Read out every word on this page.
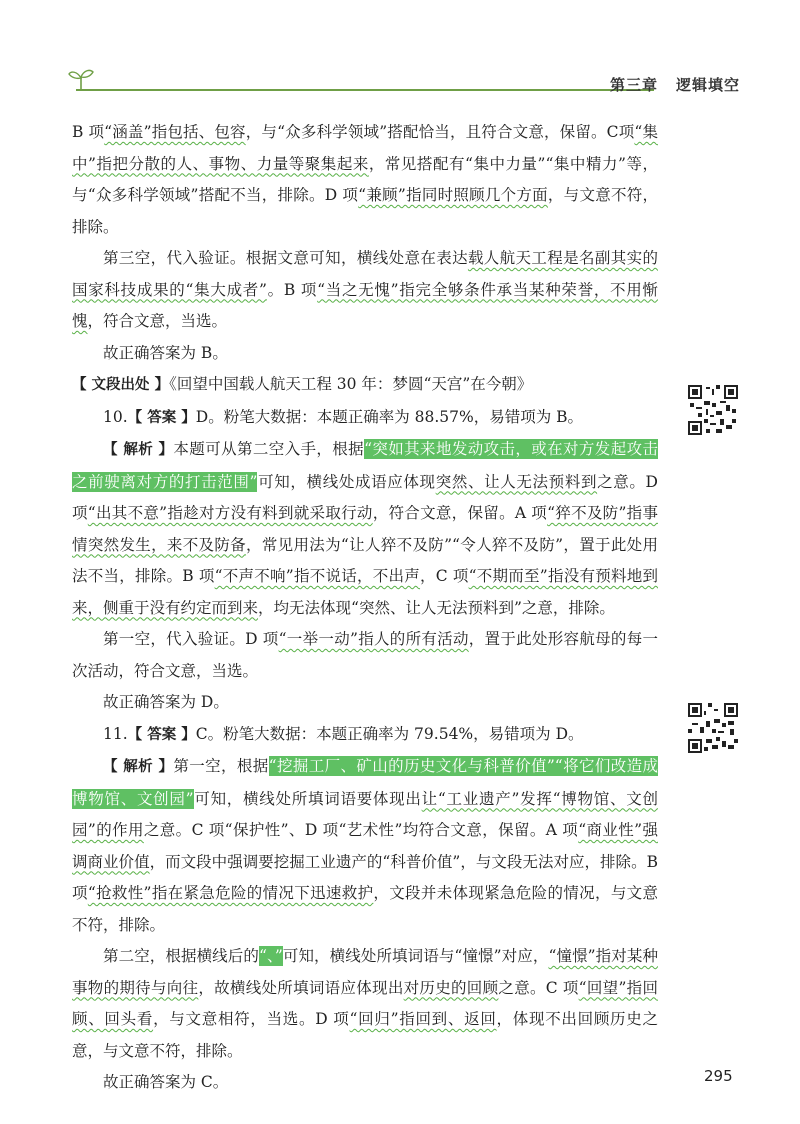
第三章 逻辑填空

B 项“涵盖”指包括、包容，与“众多科学领域”搭配恰当，且符合文意，保留。C项“集中”指把分散的人、事物、力量等聚集起来，常见搭配有“集中力量”“集中精力”等，与“众多科学领域”搭配不当，排除。D 项“兼顾”指同时照顾几个方面，与文意不符，排除。

第三空，代入验证。根据文意可知，横线处意在表达载人航天工程是名副其实的国家科技成果的“集大成者”。B 项“当之无愧”指完全够条件承当某种荣誉，不用惭愧，符合文意，当选。

故正确答案为 B。

【 文段出处 】《回望中国载人航天工程 30 年：梦圆“天宫”在今朝》

10.【 答案 】D。粉笔大数据：本题正确率为 88.57%，易错项为 B。

【 解析 】本题可从第二空入手，根据“突如其来地发动攻击，或在对方发起攻击之前驶离对方的打击范围”可知，横线处成语应体现突然、让人无法预料到之意。D 项“出其不意”指趁对方没有料到就采取行动，符合文意，保留。A 项“猝不及防”指事情突然发生，来不及防备，常见用法为“让人猝不及防”“令人猝不及防”，置于此处用法不当，排除。B 项“不声不响”指不说话，不出声，C 项“不期而至”指没有预料地到来，侧重于没有约定而到来，均无法体现“突然、让人无法预料到”之意，排除。

第一空，代入验证。D 项“一举一动”指人的所有活动，置于此处形容航母的每一次活动，符合文意，当选。

故正确答案为 D。

11.【 答案 】C。粉笔大数据：本题正确率为 79.54%，易错项为 D。

【 解析 】第一空，根据“挖掘工厂、矿山的历史文化与科普价值”“将它们改造成博物馆、文创园”可知，横线处所填词语要体现出让“工业遗产”发挥“博物馆、文创园”的作用之意。C 项“保护性”、D 项“艺术性”均符合文意，保留。A 项“商业性”强调商业价值，而文段中强调要挖掘工业遗产的“科普价值”，与文段无法对应，排除。B 项“抢救性”指在紧急危险的情况下迅速救护，文段并未体现紧急危险的情况，与文意不符，排除。

第二空，根据横线后的“、”可知，横线处所填词语与“憧憬”对应，“憧憬”指对某种事物的期待与向往，故横线处所填词语应体现出对历史的回顾之意。C 项“回望”指回顾、回头看，与文意相符，当选。D 项“回归”指回到、返回，体现不出回顾历史之意，与文意不符，排除。

故正确答案为 C。	295
